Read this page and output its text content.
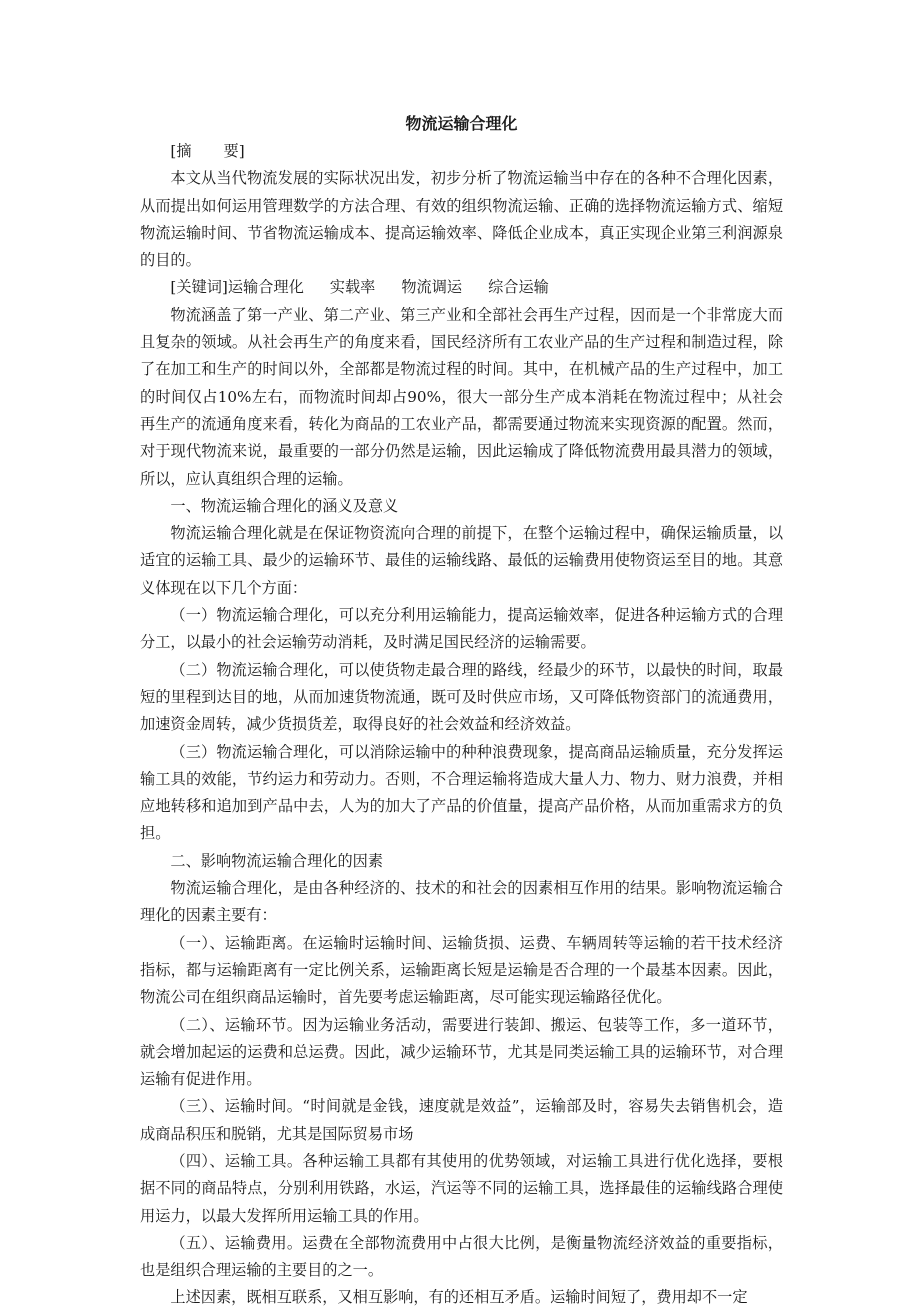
物流运输合理化

[摘 要]

本文从当代物流发展的实际状况出发，初步分析了物流运输当中存在的各种不合理化因素，从而提出如何运用管理数学的方法合理、有效的组织物流运输、正确的选择物流运输方式、缩短物流运输时间、节省物流运输成本、提高运输效率、降低企业成本，真正实现企业第三利润源泉的目的。

[关键词]运输合理化 实载率 物流调运 综合运输

物流涵盖了第一产业、第二产业、第三产业和全部社会再生产过程，因而是一个非常庞大而且复杂的领域。从社会再生产的角度来看，国民经济所有工农业产品的生产过程和制造过程，除了在加工和生产的时间以外，全部都是物流过程的时间。其中，在机械产品的生产过程中，加工的时间仅占10%左右，而物流时间却占90%，很大一部分生产成本消耗在物流过程中；从社会再生产的流通角度来看，转化为商品的工农业产品，都需要通过物流来实现资源的配置。然而，对于现代物流来说，最重要的一部分仍然是运输，因此运输成了降低物流费用最具潜力的领域，所以，应认真组织合理的运输。

一、物流运输合理化的涵义及意义

物流运输合理化就是在保证物资流向合理的前提下，在整个运输过程中，确保运输质量，以适宜的运输工具、最少的运输环节、最佳的运输线路、最低的运输费用使物资运至目的地。其意义体现在以下几个方面：

（一）物流运输合理化，可以充分利用运输能力，提高运输效率，促进各种运输方式的合理分工，以最小的社会运输劳动消耗，及时满足国民经济的运输需要。

（二）物流运输合理化，可以使货物走最合理的路线，经最少的环节，以最快的时间，取最短的里程到达目的地，从而加速货物流通，既可及时供应市场，又可降低物资部门的流通费用，加速资金周转，减少货损货差，取得良好的社会效益和经济效益。

（三）物流运输合理化，可以消除运输中的种种浪费现象，提高商品运输质量，充分发挥运输工具的效能，节约运力和劳动力。否则，不合理运输将造成大量人力、物力、财力浪费，并相应地转移和追加到产品中去，人为的加大了产品的价值量，提高产品价格，从而加重需求方的负担。

二、影响物流运输合理化的因素

物流运输合理化，是由各种经济的、技术的和社会的因素相互作用的结果。影响物流运输合理化的因素主要有：

（一）、运输距离。在运输时运输时间、运输货损、运费、车辆周转等运输的若干技术经济指标，都与运输距离有一定比例关系，运输距离长短是运输是否合理的一个最基本因素。因此，物流公司在组织商品运输时，首先要考虑运输距离，尽可能实现运输路径优化。

（二）、运输环节。因为运输业务活动，需要进行装卸、搬运、包装等工作，多一道环节，就会增加起运的运费和总运费。因此，减少运输环节，尤其是同类运输工具的运输环节，对合理运输有促进作用。

（三）、运输时间。“时间就是金钱，速度就是效益”，运输部及时，容易失去销售机会，造成商品积压和脱销，尤其是国际贸易市场

（四）、运输工具。各种运输工具都有其使用的优势领域，对运输工具进行优化选择，要根据不同的商品特点，分别利用铁路，水运，汽运等不同的运输工具，选择最佳的运输线路合理使用运力，以最大发挥所用运输工具的作用。

（五）、运输费用。运费在全部物流费用中占很大比例，是衡量物流经济效益的重要指标，也是组织合理运输的主要目的之一。

上述因素，既相互联系，又相互影响，有的还相互矛盾。运输时间短了，费用却不一定
